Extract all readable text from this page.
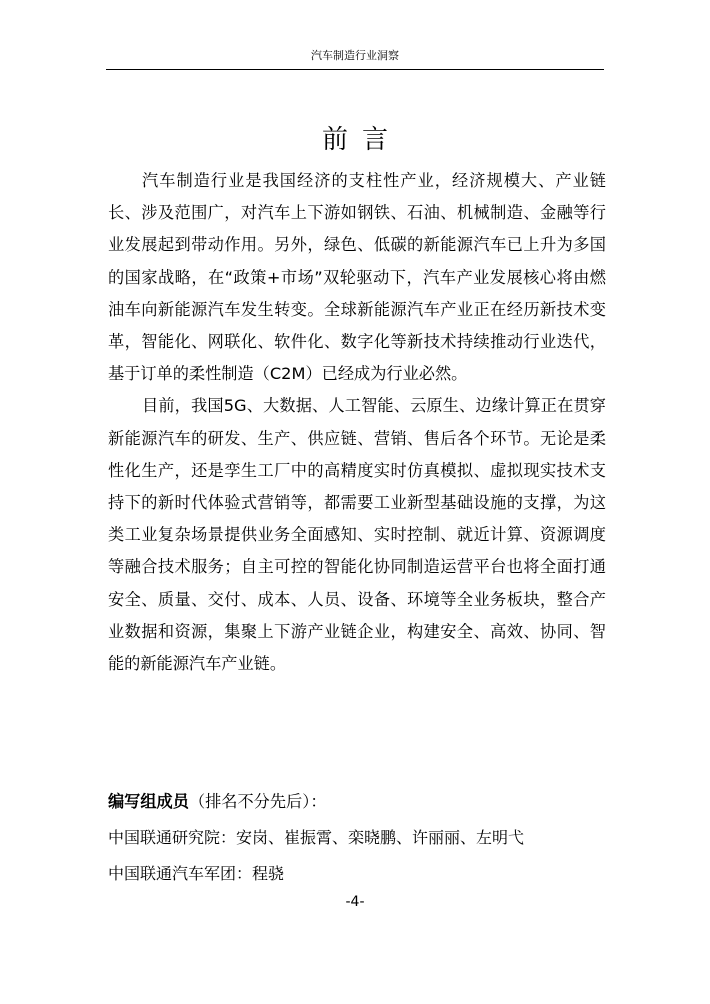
汽车制造行业洞察
前言

汽车制造行业是我国经济的支柱性产业，经济规模大、产业链长、涉及范围广，对汽车上下游如钢铁、石油、机械制造、金融等行业发展起到带动作用。另外，绿色、低碳的新能源汽车已上升为多国的国家战略，在“政策+市场”双轮驱动下，汽车产业发展核心将由燃油车向新能源汽车发生转变。全球新能源汽车产业正在经历新技术变革，智能化、网联化、软件化、数字化等新技术持续推动行业迭代，基于订单的柔性制造（C2M）已经成为行业必然。

目前，我国5G、大数据、人工智能、云原生、边缘计算正在贯穿新能源汽车的研发、生产、供应链、营销、售后各个环节。无论是柔性化生产，还是孪生工厂中的高精度实时仿真模拟、虚拟现实技术支持下的新时代体验式营销等，都需要工业新型基础设施的支撑，为这类工业复杂场景提供业务全面感知、实时控制、就近计算、资源调度等融合技术服务；自主可控的智能化协同制造运营平台也将全面打通安全、质量、交付、成本、人员、设备、环境等全业务板块，整合产业数据和资源，集聚上下游产业链企业，构建安全、高效、协同、智能的新能源汽车产业链。

编写组成员（排名不分先后）：
中国联通研究院：安岗、崔振霄、栾晓鹏、许丽丽、左明弋
中国联通汽车军团：程骁
-4-
